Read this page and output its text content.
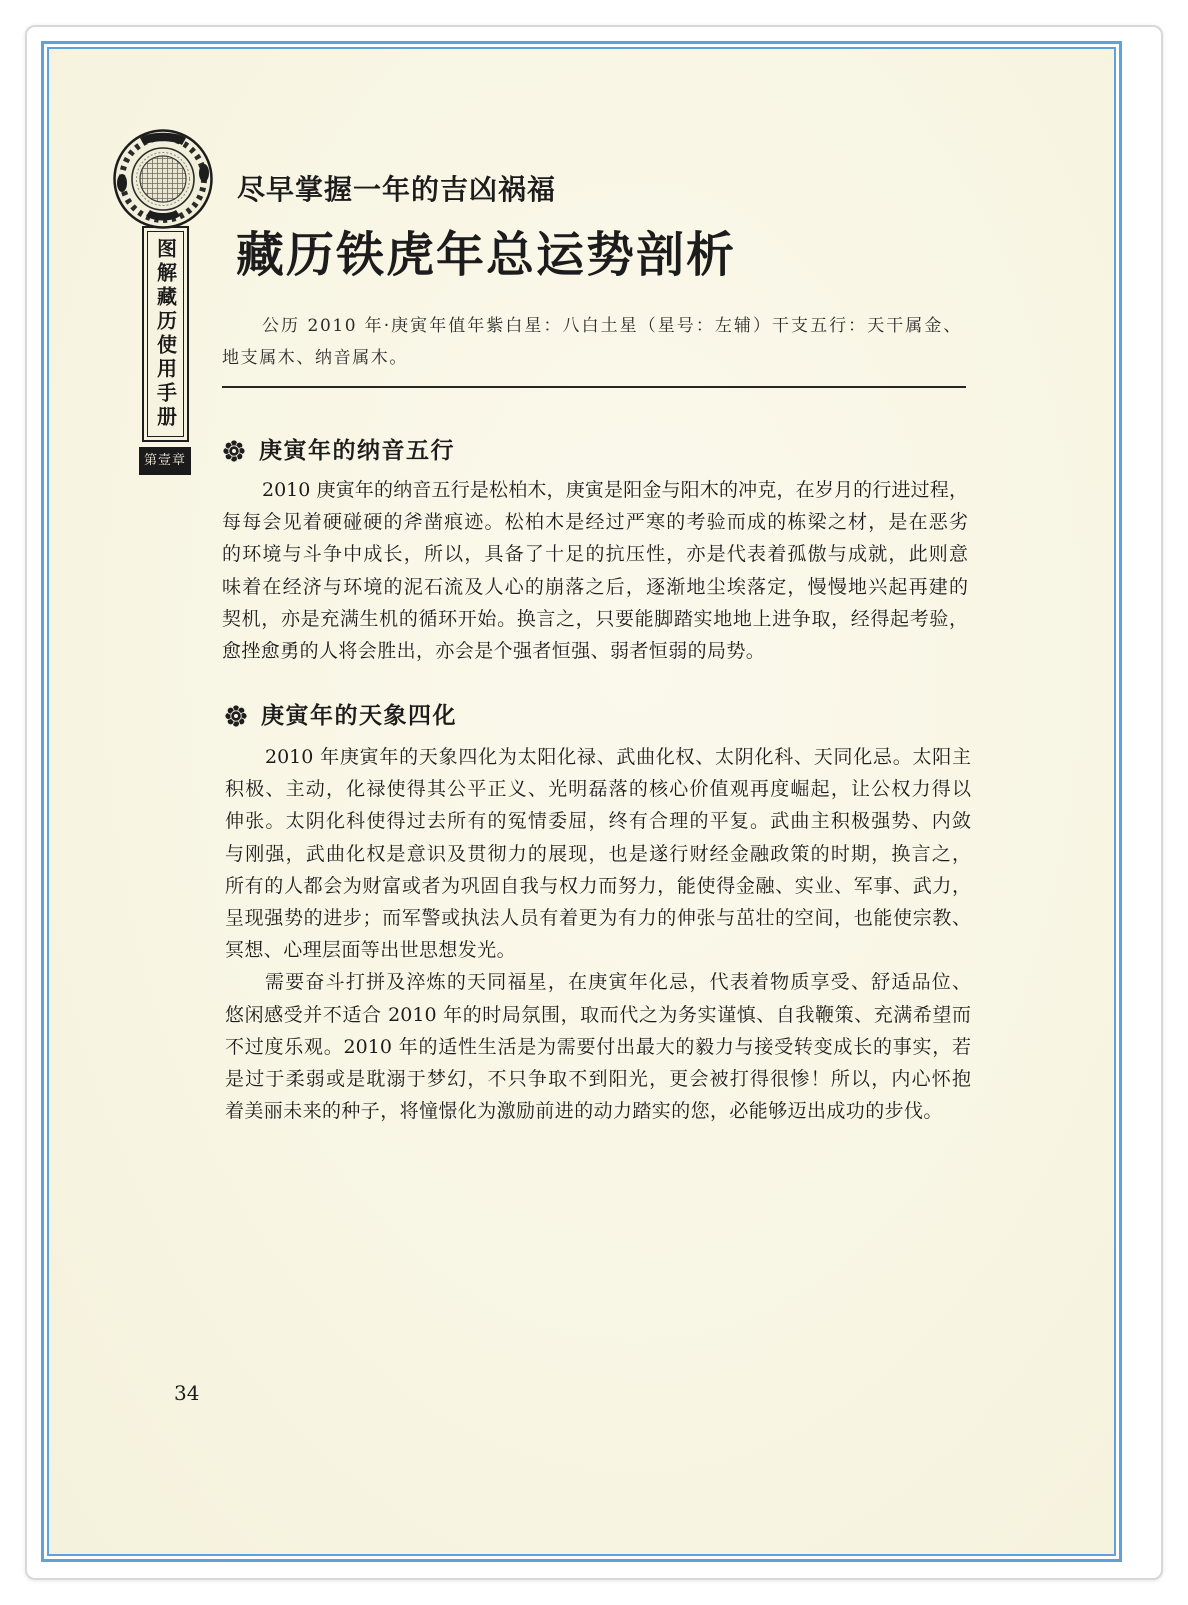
图解藏历使用手册
第壹章
尽早掌握一年的吉凶祸福
藏历铁虎年总运势剖析
公历 2010 年·庚寅年值年紫白星：八白土星（星号：左辅）干支五行：天干属金、
地支属木、纳音属木。
庚寅年的纳音五行
2010 庚寅年的纳音五行是松柏木，庚寅是阳金与阳木的冲克，在岁月的行进过程，
每每会见着硬碰硬的斧凿痕迹。松柏木是经过严寒的考验而成的栋梁之材，是在恶劣
的环境与斗争中成长，所以，具备了十足的抗压性，亦是代表着孤傲与成就，此则意
味着在经济与环境的泥石流及人心的崩落之后，逐渐地尘埃落定，慢慢地兴起再建的
契机，亦是充满生机的循环开始。换言之，只要能脚踏实地地上进争取，经得起考验，
愈挫愈勇的人将会胜出，亦会是个强者恒强、弱者恒弱的局势。
庚寅年的天象四化
2010 年庚寅年的天象四化为太阳化禄、武曲化权、太阴化科、天同化忌。太阳主
积极、主动，化禄使得其公平正义、光明磊落的核心价值观再度崛起，让公权力得以
伸张。太阴化科使得过去所有的冤情委屈，终有合理的平复。武曲主积极强势、内敛
与刚强，武曲化权是意识及贯彻力的展现，也是遂行财经金融政策的时期，换言之，
所有的人都会为财富或者为巩固自我与权力而努力，能使得金融、实业、军事、武力，
呈现强势的进步；而军警或执法人员有着更为有力的伸张与茁壮的空间，也能使宗教、
冥想、心理层面等出世思想发光。
需要奋斗打拼及淬炼的天同福星，在庚寅年化忌，代表着物质享受、舒适品位、
悠闲感受并不适合 2010 年的时局氛围，取而代之为务实谨慎、自我鞭策、充满希望而
不过度乐观。2010 年的适性生活是为需要付出最大的毅力与接受转变成长的事实，若
是过于柔弱或是耽溺于梦幻，不只争取不到阳光，更会被打得很惨！所以，内心怀抱
着美丽未来的种子，将憧憬化为激励前进的动力踏实的您，必能够迈出成功的步伐。
34
